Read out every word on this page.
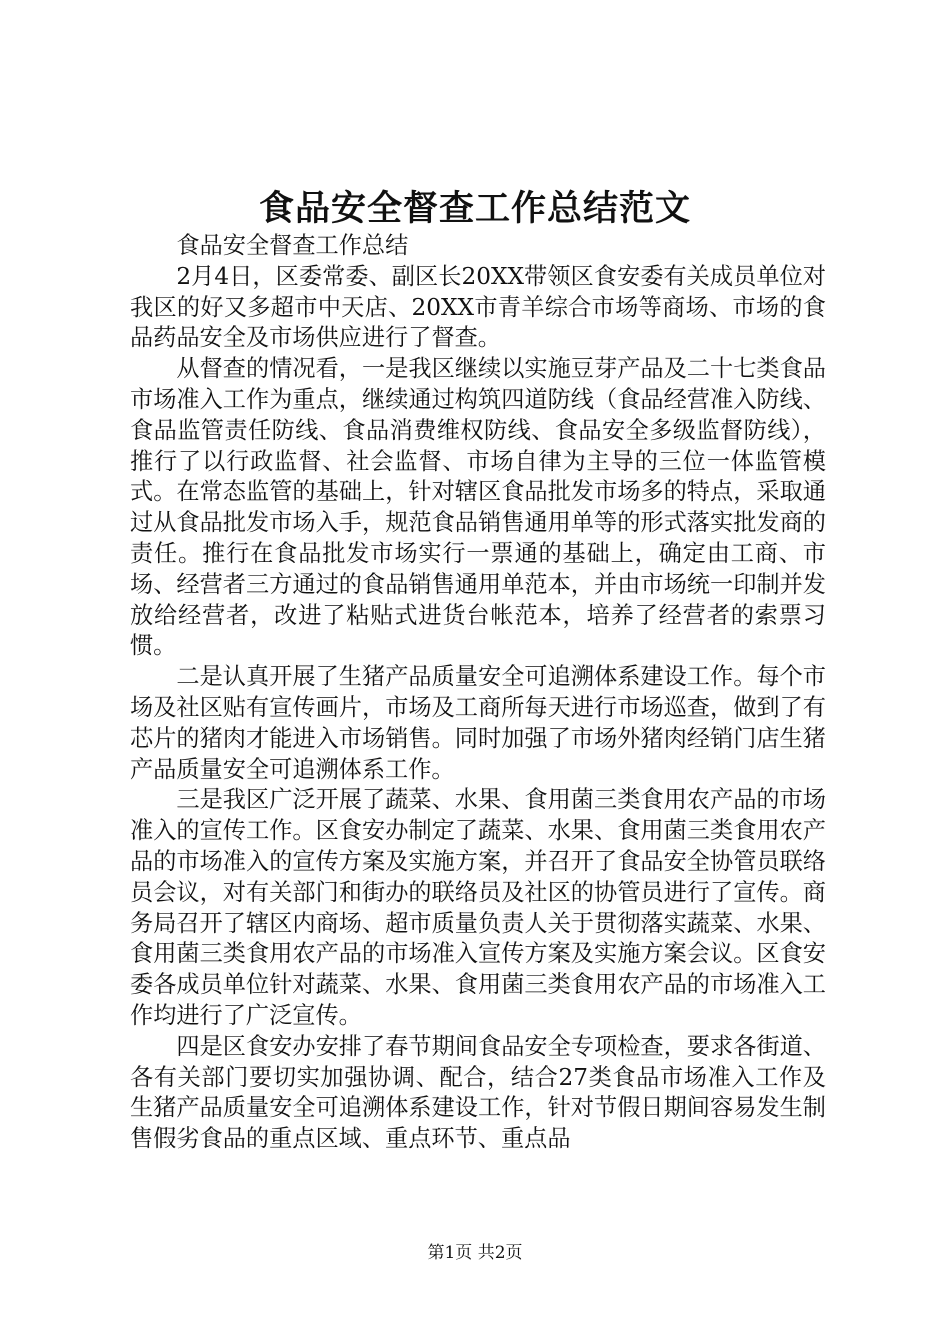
食品安全督查工作总结范文

食品安全督查工作总结

2月4日，区委常委、副区长20XX带领区食安委有关成员单位对我区的好又多超市中天店、20XX市青羊综合市场等商场、市场的食品药品安全及市场供应进行了督查。

从督查的情况看，一是我区继续以实施豆芽产品及二十七类食品市场准入工作为重点，继续通过构筑四道防线（食品经营准入防线、食品监管责任防线、食品消费维权防线、食品安全多级监督防线），推行了以行政监督、社会监督、市场自律为主导的三位一体监管模式。在常态监管的基础上，针对辖区食品批发市场多的特点，采取通过从食品批发市场入手，规范食品销售通用单等的形式落实批发商的责任。推行在食品批发市场实行一票通的基础上，确定由工商、市场、经营者三方通过的食品销售通用单范本，并由市场统一印制并发放给经营者，改进了粘贴式进货台帐范本，培养了经营者的索票习惯。

二是认真开展了生猪产品质量安全可追溯体系建设工作。每个市场及社区贴有宣传画片，市场及工商所每天进行市场巡查，做到了有芯片的猪肉才能进入市场销售。同时加强了市场外猪肉经销门店生猪产品质量安全可追溯体系工作。

三是我区广泛开展了蔬菜、水果、食用菌三类食用农产品的市场准入的宣传工作。区食安办制定了蔬菜、水果、食用菌三类食用农产品的市场准入的宣传方案及实施方案，并召开了食品安全协管员联络员会议，对有关部门和街办的联络员及社区的协管员进行了宣传。商务局召开了辖区内商场、超市质量负责人关于贯彻落实蔬菜、水果、食用菌三类食用农产品的市场准入宣传方案及实施方案会议。区食安委各成员单位针对蔬菜、水果、食用菌三类食用农产品的市场准入工作均进行了广泛宣传。

四是区食安办安排了春节期间食品安全专项检查，要求各街道、各有关部门要切实加强协调、配合，结合27类食品市场准入工作及生猪产品质量安全可追溯体系建设工作，针对节假日期间容易发生制售假劣食品的重点区域、重点环节、重点品

第1页 共2页
